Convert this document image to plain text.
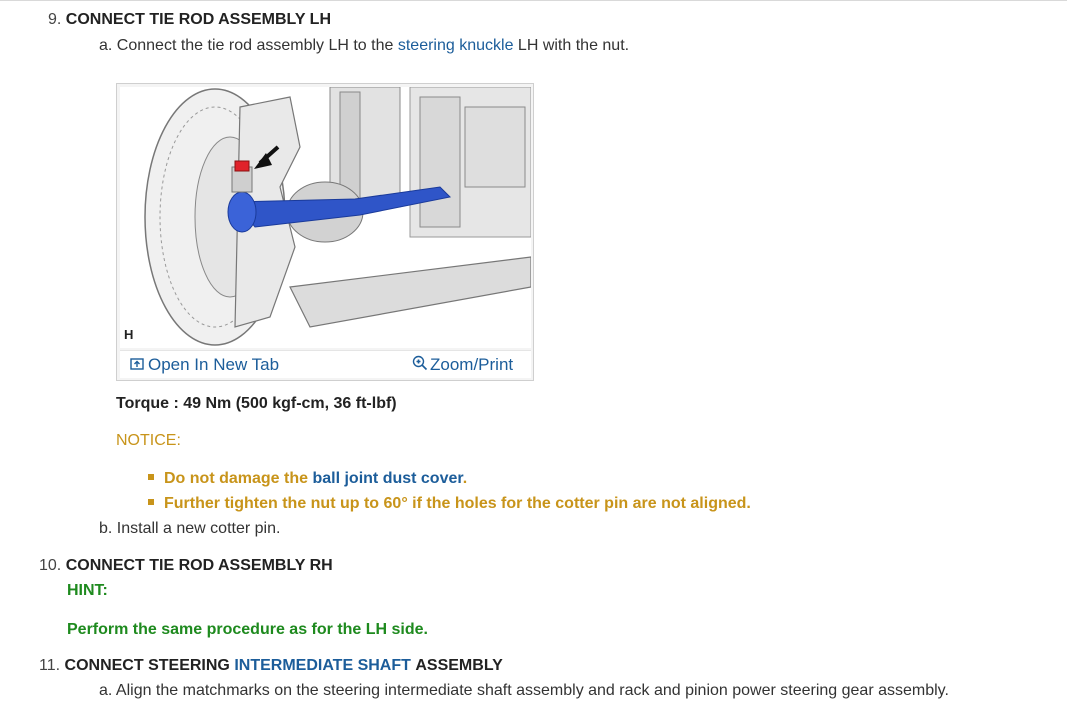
9. CONNECT TIE ROD ASSEMBLY LH
a. Connect the tie rod assembly LH to the steering knuckle LH with the nut.
H
Open In New Tab	Zoom/Print
Torque : 49 Nm (500 kgf-cm, 36 ft-lbf)
NOTICE:
Do not damage the ball joint dust cover.
Further tighten the nut up to 60° if the holes for the cotter pin are not aligned.
b. Install a new cotter pin.
10. CONNECT TIE ROD ASSEMBLY RH
HINT:
Perform the same procedure as for the LH side.
11. CONNECT STEERING INTERMEDIATE SHAFT ASSEMBLY
a. Align the matchmarks on the steering intermediate shaft assembly and rack and pinion power steering gear assembly.
